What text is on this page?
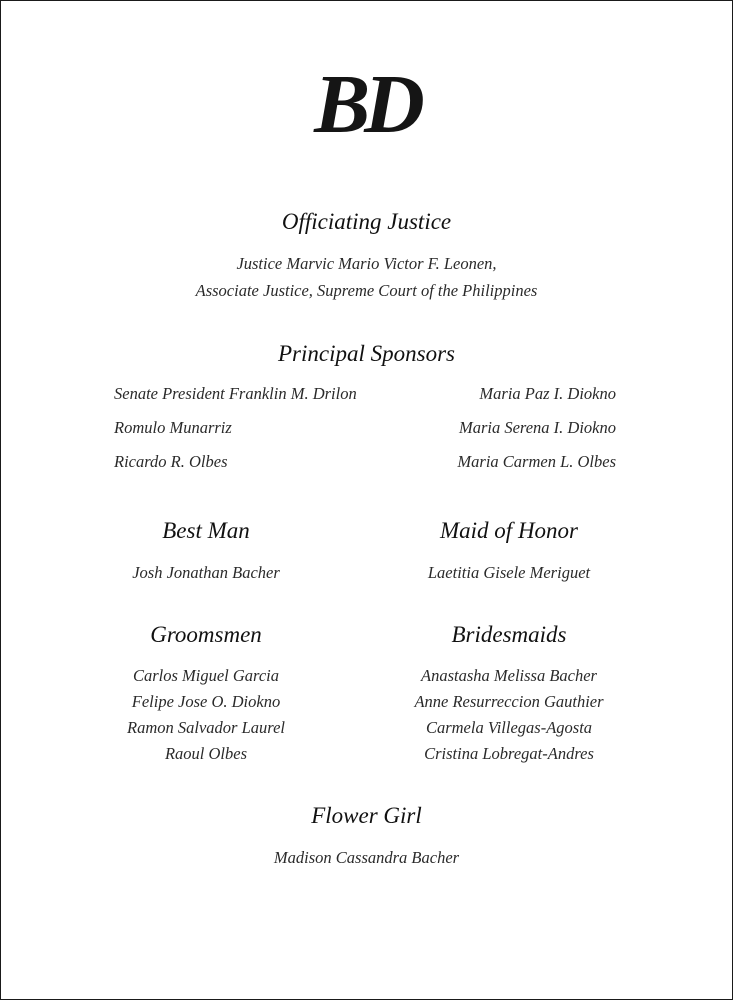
BD
Officiating Justice
Justice Marvic Mario Victor F. Leonen,
Associate Justice, Supreme Court of the Philippines
Principal Sponsors
Senate President Franklin M. Drilon
Romulo Munarriz
Ricardo R. Olbes
Maria Paz I. Diokno
Maria Serena I. Diokno
Maria Carmen L. Olbes
Best Man
Josh Jonathan Bacher
Maid of Honor
Laetitia Gisele Meriguet
Groomsmen
Carlos Miguel Garcia
Felipe Jose O. Diokno
Ramon Salvador Laurel
Raoul Olbes
Bridesmaids
Anastasha Melissa Bacher
Anne Resurreccion Gauthier
Carmela Villegas-Agosta
Cristina Lobregat-Andres
Flower Girl
Madison Cassandra Bacher
